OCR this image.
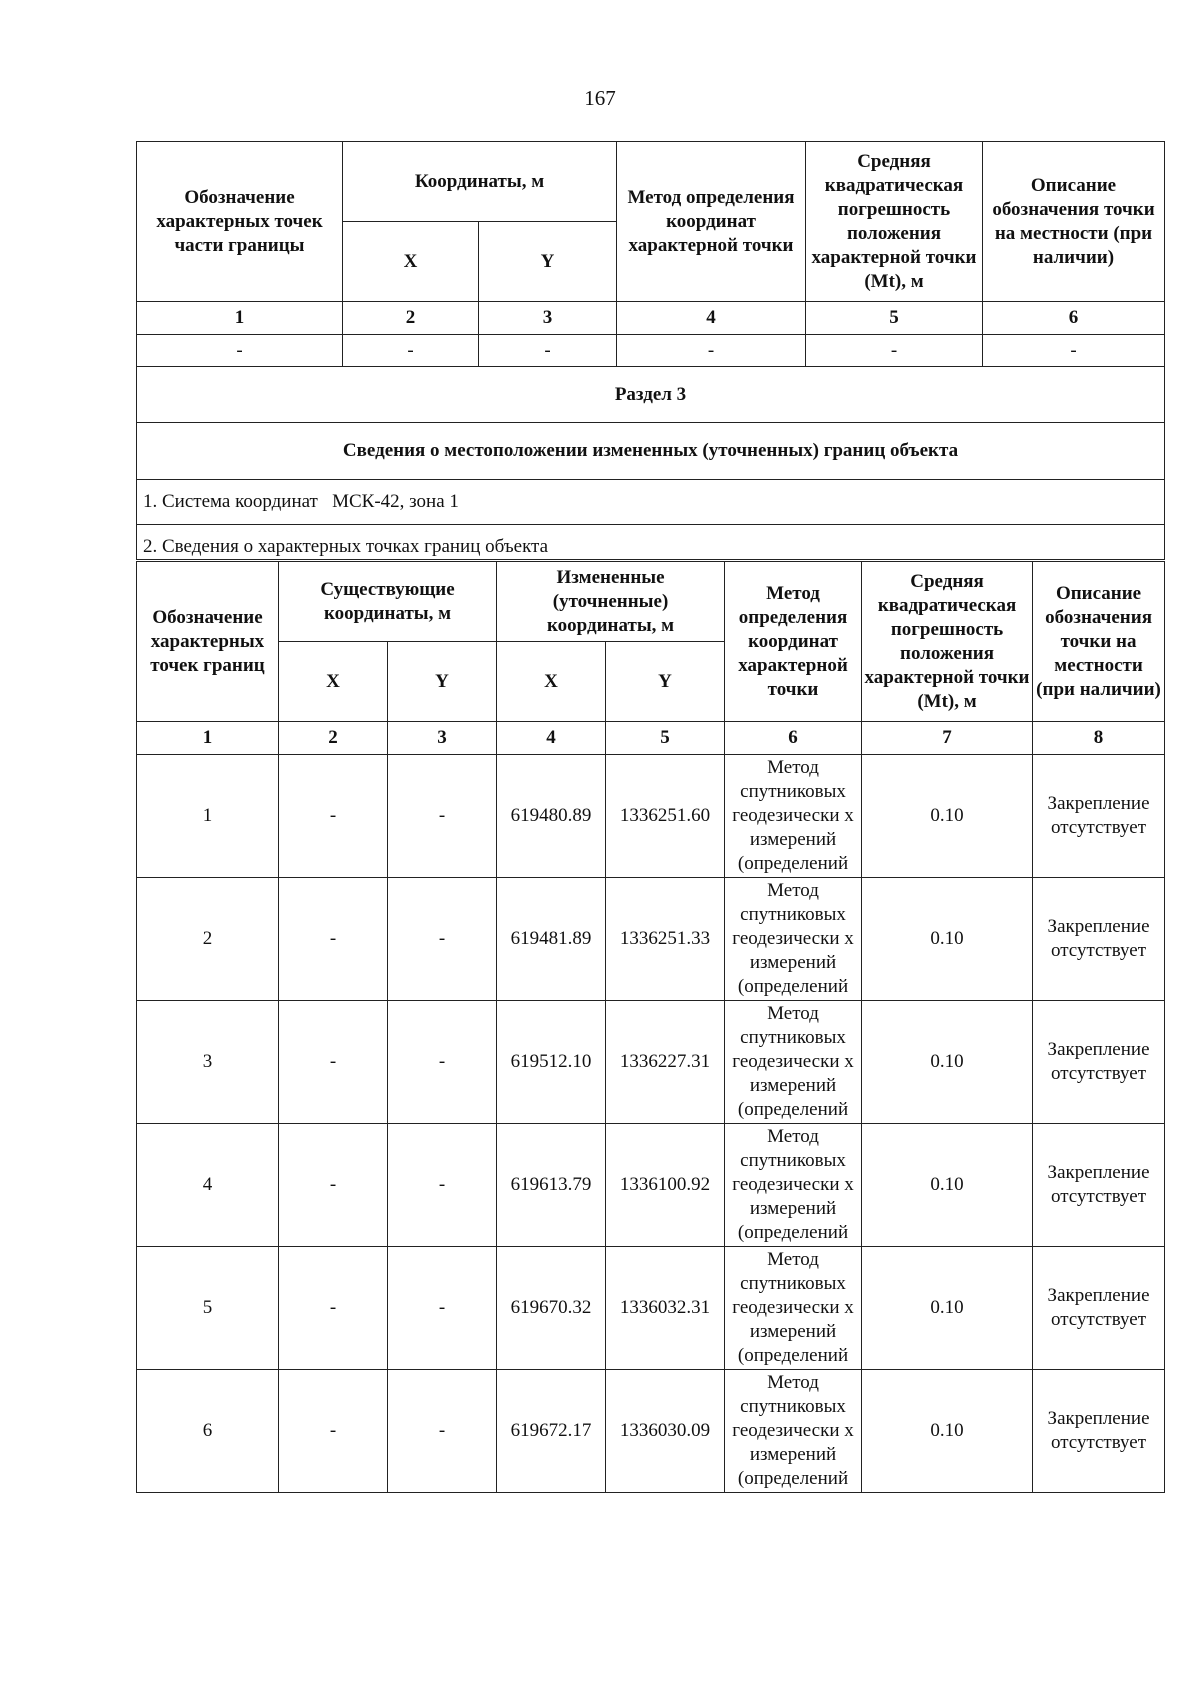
167
Обозначение характерных точек части границы	Координаты, м		Метод определения координат характерной точки	Средняя квадратическая погрешность положения характерной точки (Mt), м	Описание обозначения точки на местности (при наличии)
	X	Y			
1	2	3	4	5	6
-	-	-	-	-	-
Раздел 3					
Сведения о местоположении измененных (уточненных) границ объекта					
1. Система координат   МСК-42, зона 1					
2. Сведения о характерных точках границ объекта					
Обозначение характерных точек границ	Существующие координаты, м		Измененные (уточненные) координаты, м		Метод определения координат характерной точки	Средняя квадратическая погрешность положения характерной точки (Mt), м	Описание обозначения точки на местности (при наличии)
	X	Y	X	Y			
1	2	3	4	5	6	7	8
1	-	-	619480.89	1336251.60	Метод спутниковых геодезически х измерений (определений	0.10	Закрепление отсутствует
2	-	-	619481.89	1336251.33	Метод спутниковых геодезически х измерений (определений	0.10	Закрепление отсутствует
3	-	-	619512.10	1336227.31	Метод спутниковых геодезически х измерений (определений	0.10	Закрепление отсутствует
4	-	-	619613.79	1336100.92	Метод спутниковых геодезически х измерений (определений	0.10	Закрепление отсутствует
5	-	-	619670.32	1336032.31	Метод спутниковых геодезически х измерений (определений	0.10	Закрепление отсутствует
6	-	-	619672.17	1336030.09	Метод спутниковых геодезически х измерений (определений	0.10	Закрепление отсутствует
